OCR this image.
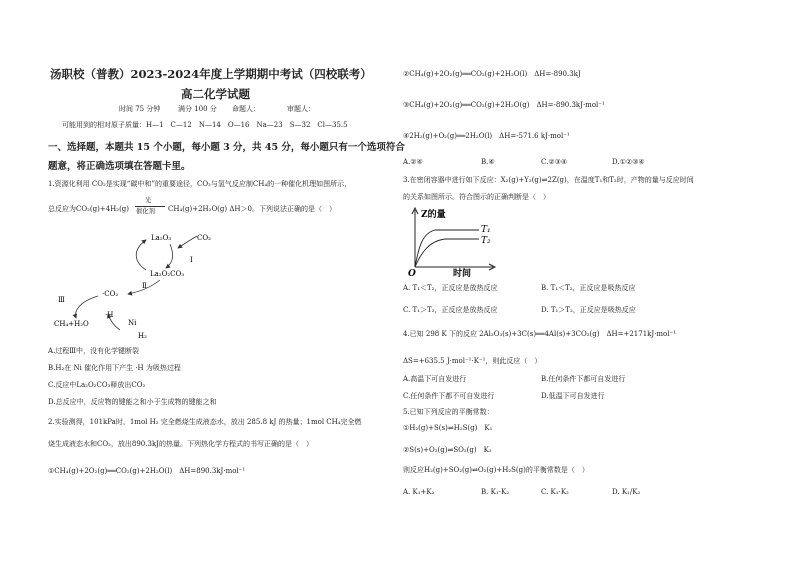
汤职校（普教）2023-2024年度上学期期中考试（四校联考）
高二化学试题
时间 75 分钟	满分 100 分 命题人：	审题人：
可能用到的相对原子质量：H—1　C—12　N—14　O—16　Na—23　S—32　Cl—35.5
一、选择题，本题共 15 个小题，每小题 3 分，共 45 分，每小题只有一个选项符合
题意，将正确选项填在答题卡里。
1.资源化利用 CO₂是实现“碳中和”的重要途径，CO₂与氢气反应制CH₄的一种催化机理如图所示，
总反应为CO₂(g)+4H₂(g)
光
催化剂 CH₄(g)+2H₂O(g) ΔH＞0。下列说法正确的是（　）
La₂O₃	CO₂
Ⅰ
La₂O₂CO₃
Ⅱ
·CO₂
Ⅲ
·H
Ni
H₂
CH₄+H₂O
A.过程Ⅲ中，没有化学键断裂
B.H₂在 Ni 催化作用下产生 ·H 为吸热过程
C.反应中La₂O₂CO₃释放出CO₂
D.总反应中，反应物的键能之和小于生成物的键能之和
2.实验测得，101kPa时，1mol H₂ 完全燃烧生成液态水，放出 285.8 kJ 的热量；1mol CH₄完全燃
烧生成液态水和CO₂，放出890.3kJ的热量。下列热化学方程式的书写正确的是（　）
①CH₄(g)+2O₂(g)══CO₂(g)+2H₂O(l)　ΔH=890.3kJ·mol⁻¹
②CH₄(g)+2O₂(g)══CO₂(g)+2H₂O(l)　ΔH=-890.3kJ
③CH₄(g)+2O₂(g)══CO₂(g)+2H₂O(g)　ΔH=-890.3kJ·mol⁻¹
④2H₂(g)+O₂(g)══2H₂O(l)　ΔH=-571.6 kJ·mol⁻¹
A.②④	B.④	C.②③④	D.①②③④
3.在密闭容器中进行如下反应：X₂(g)+Y₂(g)⇌2Z(g)，在温度T₁和T₂时，产物的量与反应时间
的关系如图所示。符合图示的正确判断是（　）
Z的量
时间
O
T₁
T₂
A. T₁＜T₂，正反应是放热反应	B. T₁＜T₂，正反应是吸热反应
C. T₁＞T₂，正反应是放热反应	D. T₁＞T₂，正反应是吸热反应
4.已知 298 K 下的反应 2Al₂O₃(s)+3C(s)══4Al(s)+3CO₂(g)　ΔH=+2171kJ·mol⁻¹
ΔS=+635.5 J·mol⁻¹·K⁻¹，则此反应（　）
A.高温下可自发进行	B.任何条件下都可自发进行
C.任何条件下都不可自发进行	D.低温下可自发进行
5.已知下列反应的平衡常数：
①H₂(g)+S(s)⇌H₂S(g)　K₁
②S(s)+O₂(g)⇌SO₂(g)　K₂
则反应H₂(g)+SO₂(g)⇌O₂(g)+H₂S(g)的平衡常数是（　）
A. K₁+K₂	B. K₁-K₂	C. K₁·K₂	D. K₁/K₂
